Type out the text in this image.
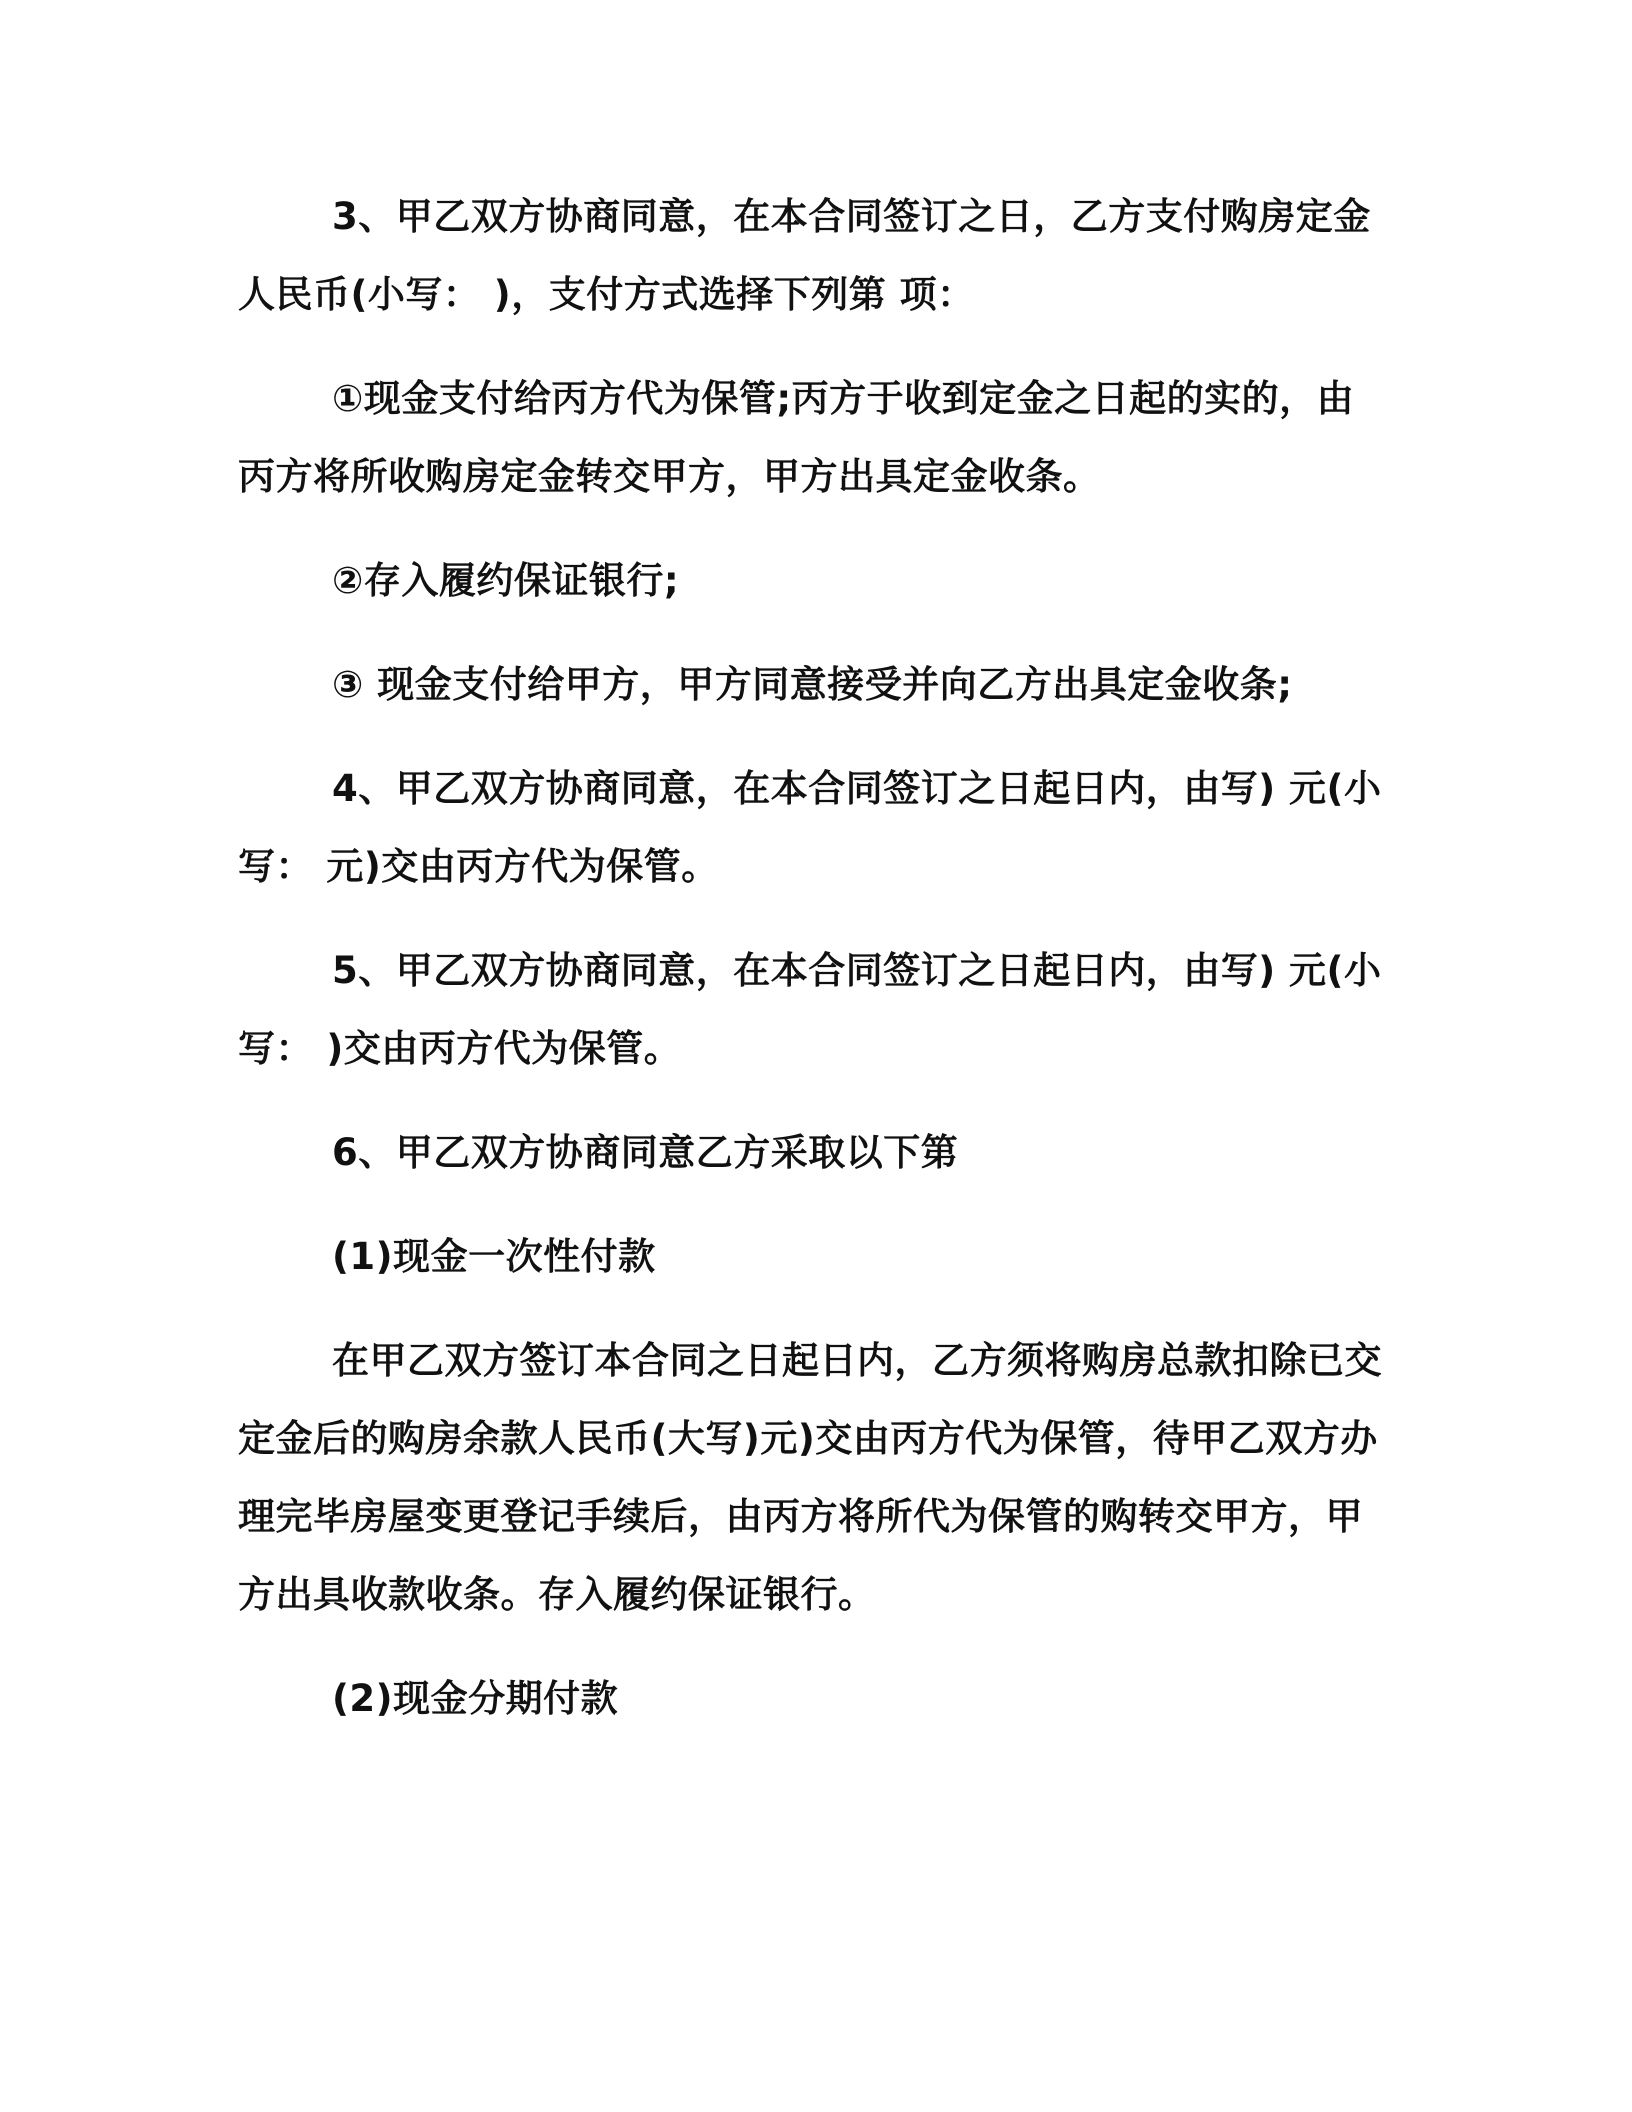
3、甲乙双方协商同意，在本合同签订之日，乙方支付购房定金
人民币(小写： )，支付方式选择下列第 项：

①现金支付给丙方代为保管;丙方于收到定金之日起的实的，由
丙方将所收购房定金转交甲方，甲方出具定金收条。

②存入履约保证银行;

③ 现金支付给甲方，甲方同意接受并向乙方出具定金收条;

4、甲乙双方协商同意，在本合同签订之日起日内，由写) 元(小
写： 元)交由丙方代为保管。

5、甲乙双方协商同意，在本合同签订之日起日内，由写) 元(小
写： )交由丙方代为保管。

6、甲乙双方协商同意乙方采取以下第

(1)现金一次性付款

在甲乙双方签订本合同之日起日内，乙方须将购房总款扣除已交
定金后的购房余款人民币(大写)元)交由丙方代为保管，待甲乙双方办
理完毕房屋变更登记手续后，由丙方将所代为保管的购转交甲方，甲
方出具收款收条。存入履约保证银行。

(2)现金分期付款
